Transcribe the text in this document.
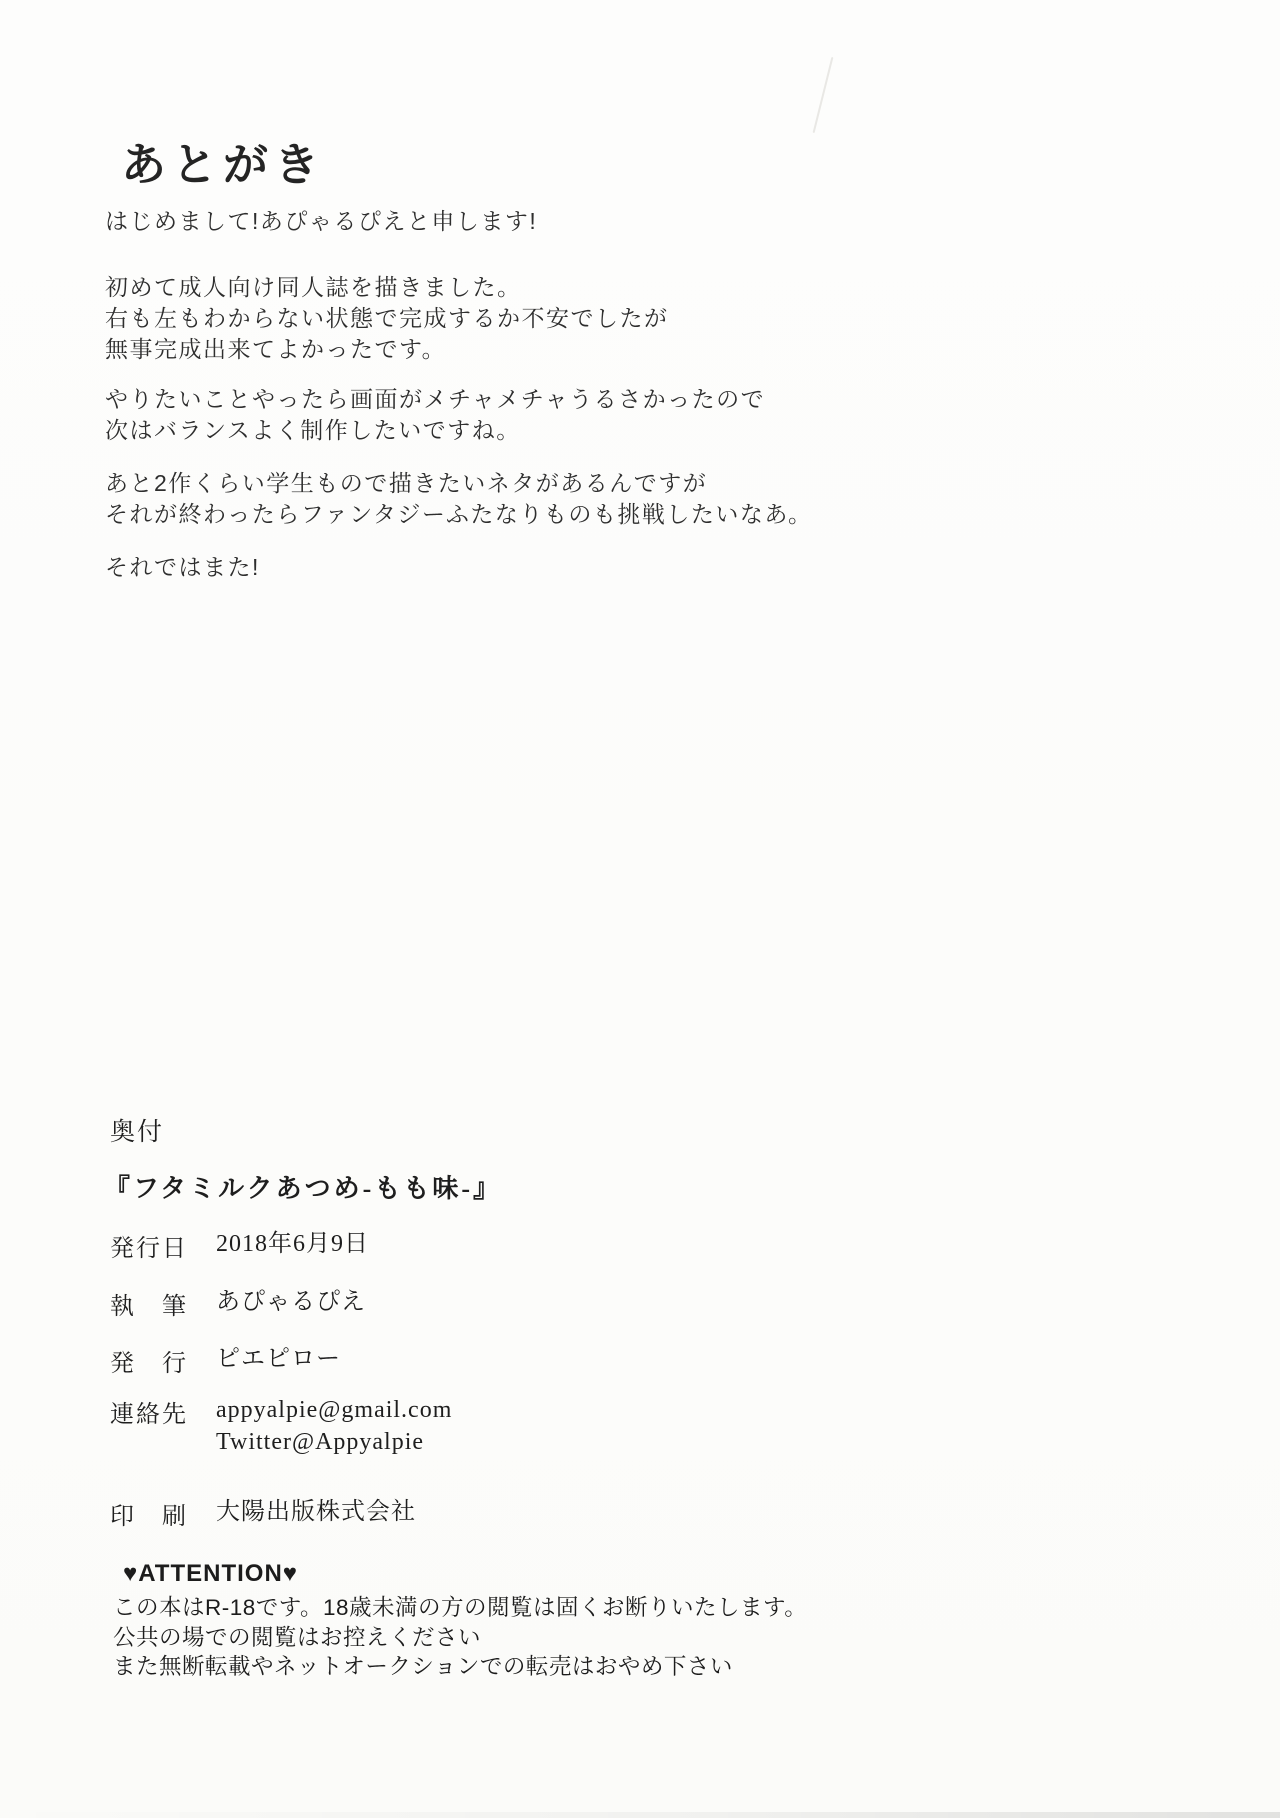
あとがき
はじめまして!あぴゃるぴえと申します!
初めて成人向け同人誌を描きました。
右も左もわからない状態で完成するか不安でしたが
無事完成出来てよかったです。
やりたいことやったら画面がメチャメチャうるさかったので
次はバランスよく制作したいですね。
あと2作くらい学生もので描きたいネタがあるんですが
それが終わったらファンタジーふたなりものも挑戦したいなあ。
それではまた!
奥付
『フタミルクあつめ-もも味-』
発行日 2018年6月9日
執　筆 あぴゃるぴえ
発　行 ピエピロー
連絡先 appyalpie@gmail.com
Twitter@Appyalpie
印　刷 大陽出版株式会社
♥ATTENTION♥
この本はR-18です。18歳未満の方の閲覧は固くお断りいたします。
公共の場での閲覧はお控えください
また無断転載やネットオークションでの転売はおやめ下さい
